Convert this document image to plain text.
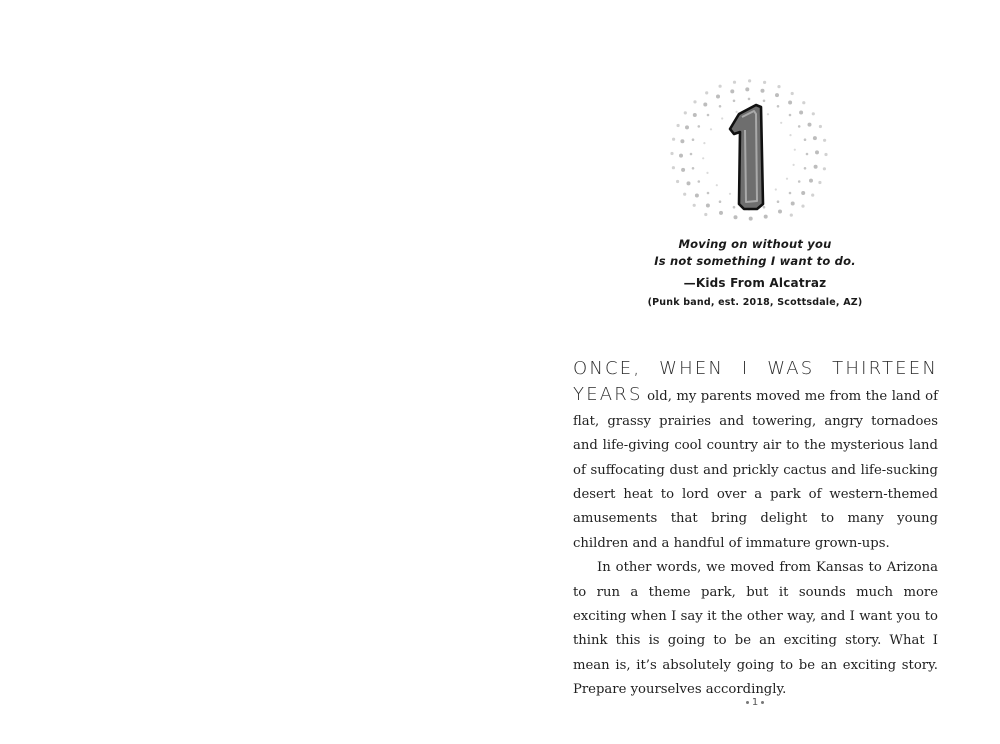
1
Moving on without you
Is not something I want to do.
—Kids From Alcatraz
(Punk band, est. 2018, Scottsdale, AZ)

ONCE, WHEN I WAS THIRTEEN YEARS old, my parents moved me from the land of flat, grassy prairies and towering, angry tornadoes and life-giving cool country air to the mysterious land of suffocating dust and prickly cactus and life-sucking desert heat to lord over a park of western-themed amusements that bring delight to many young children and a handful of immature grown-ups.

In other words, we moved from Kansas to Arizona to run a theme park, but it sounds much more exciting when I say it the other way, and I want you to think this is going to be an exciting story. What I mean is, it’s absolutely going to be an exciting story. Prepare yourselves accordingly.

1
